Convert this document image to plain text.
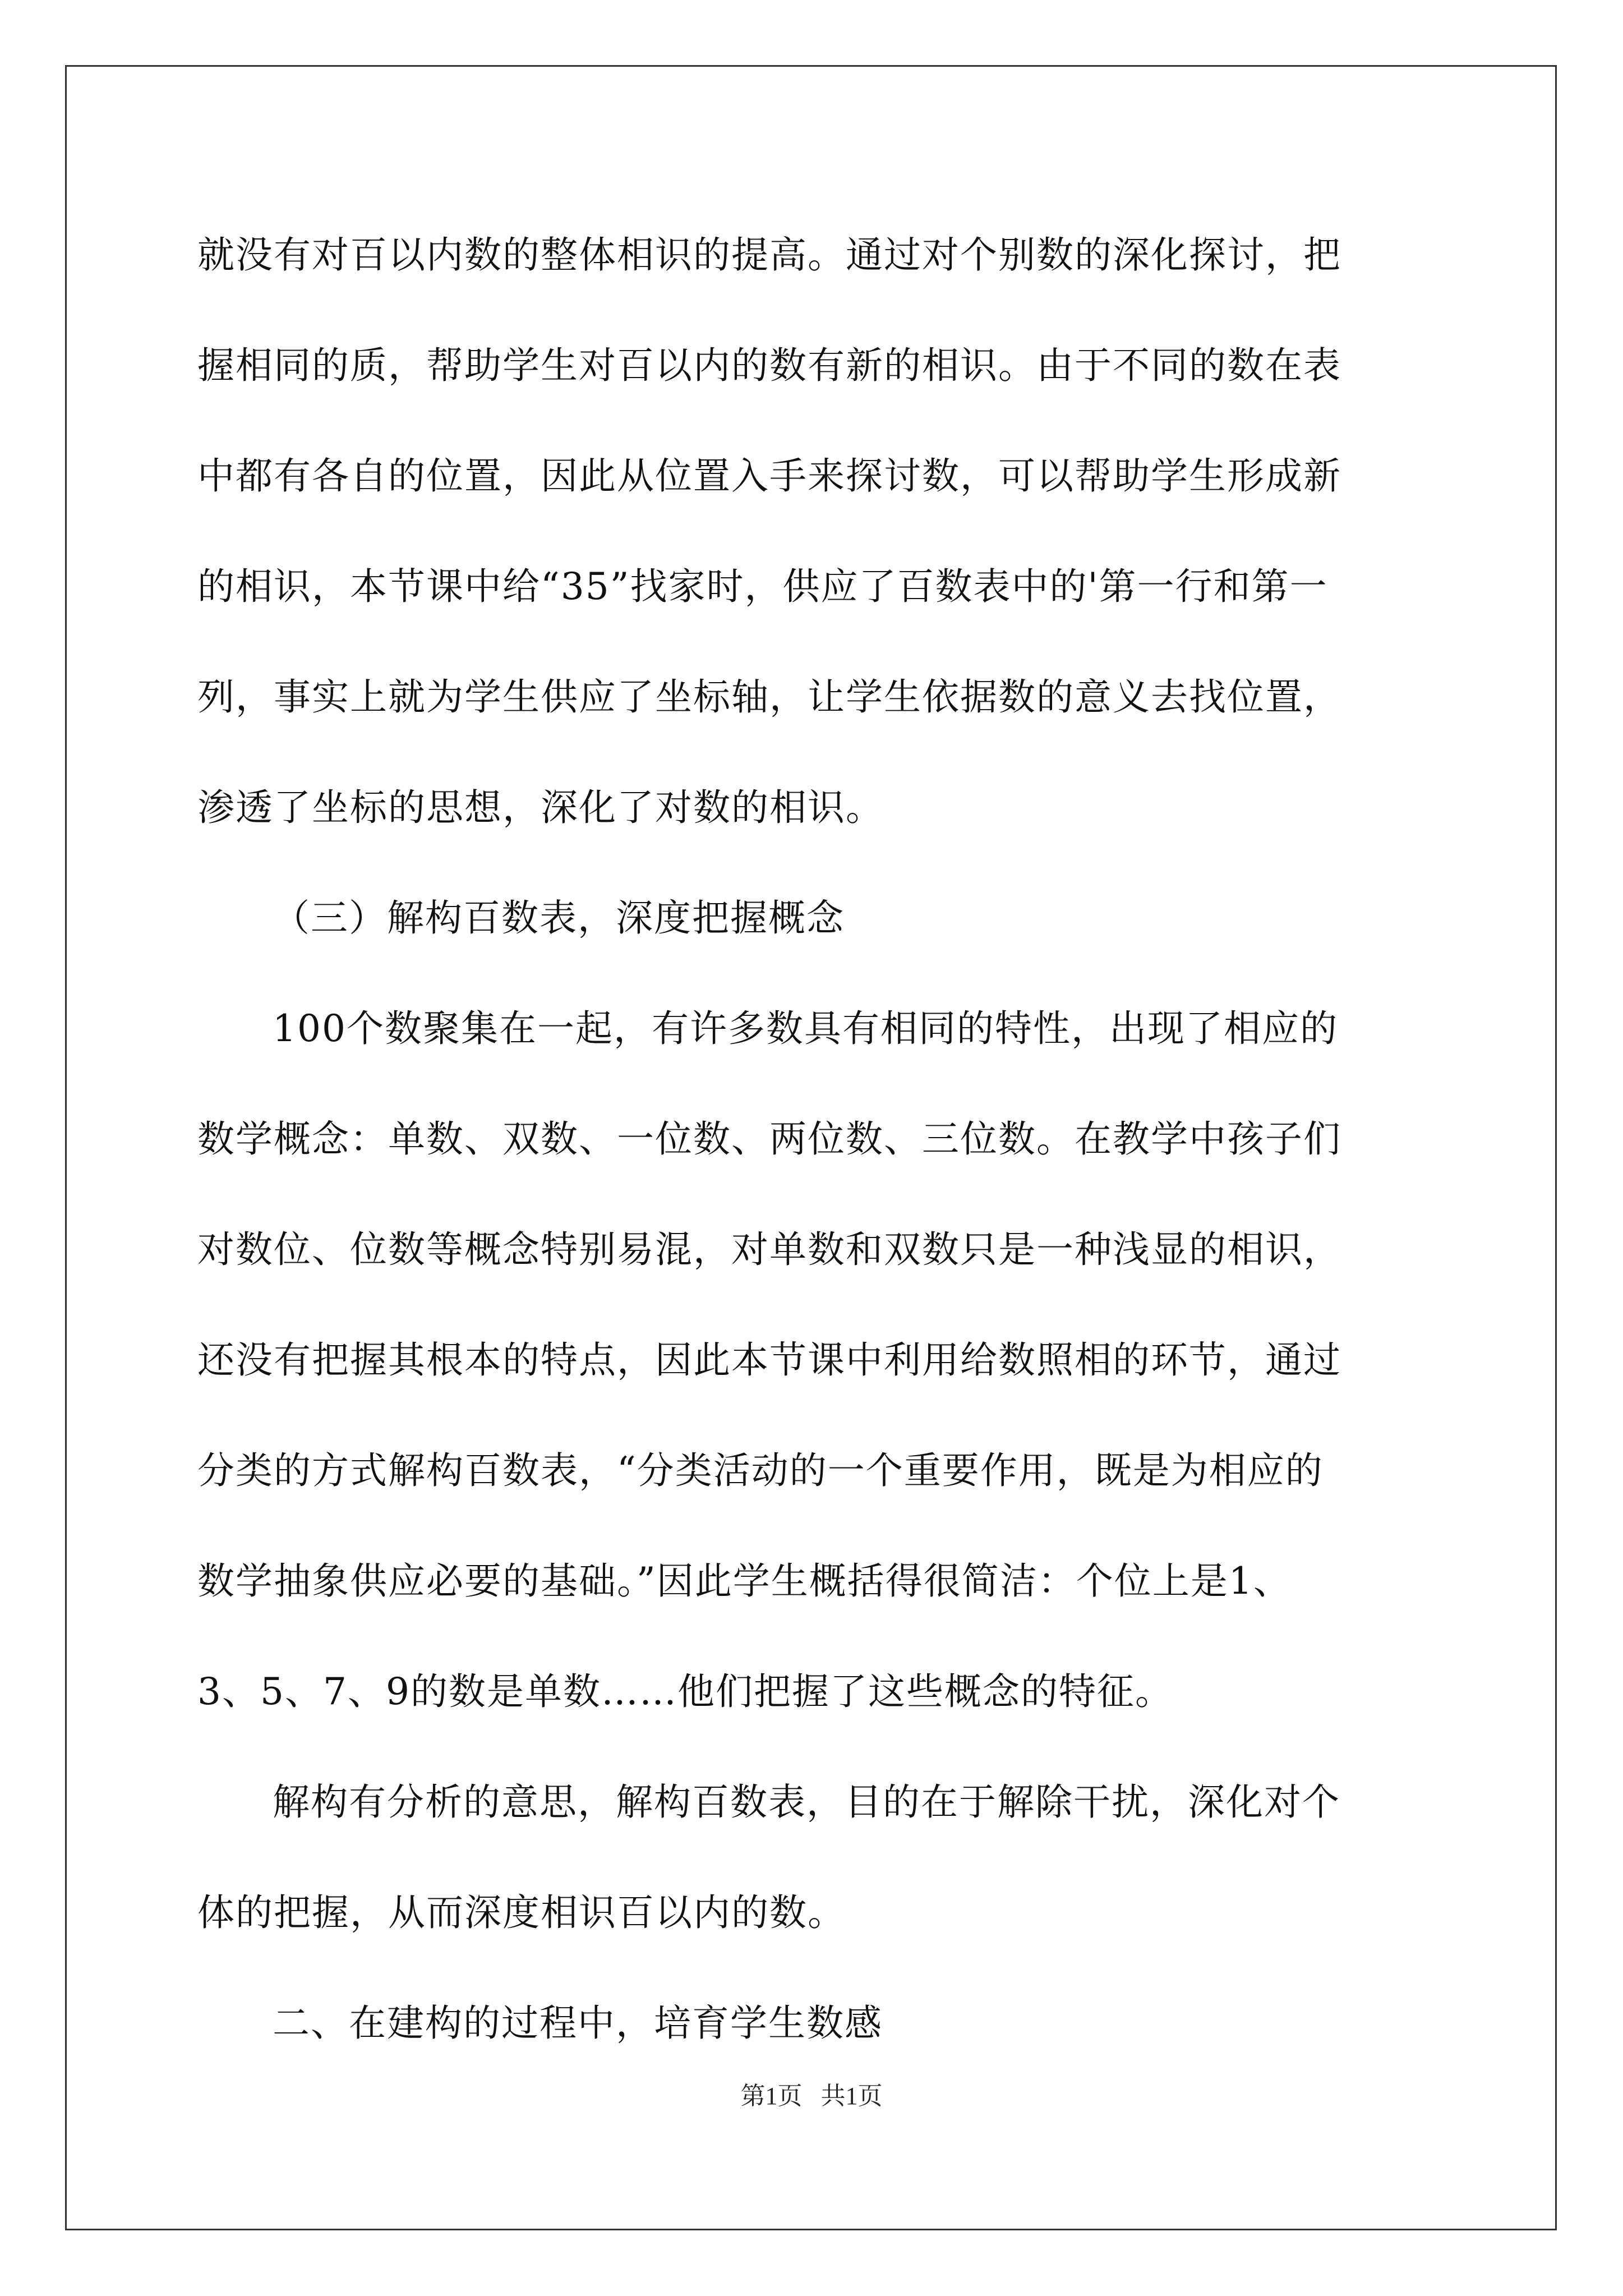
就没有对百以内数的整体相识的提高。通过对个别数的深化探讨，把
握相同的质，帮助学生对百以内的数有新的相识。由于不同的数在表
中都有各自的位置，因此从位置入手来探讨数，可以帮助学生形成新
的相识，本节课中给“35”找家时，供应了百数表中的'第一行和第一
列，事实上就为学生供应了坐标轴，让学生依据数的意义去找位置，
渗透了坐标的思想，深化了对数的相识。
（三）解构百数表，深度把握概念
100个数聚集在一起，有许多数具有相同的特性，出现了相应的
数学概念：单数、双数、一位数、两位数、三位数。在教学中孩子们
对数位、位数等概念特别易混，对单数和双数只是一种浅显的相识，
还没有把握其根本的特点，因此本节课中利用给数照相的环节，通过
分类的方式解构百数表，“分类活动的一个重要作用，既是为相应的
数学抽象供应必要的基础。”因此学生概括得很简洁：个位上是1、
3、5、7、9的数是单数……他们把握了这些概念的特征。
解构有分析的意思，解构百数表，目的在于解除干扰，深化对个
体的把握，从而深度相识百以内的数。
二、在建构的过程中，培育学生数感
第1页   共1页
